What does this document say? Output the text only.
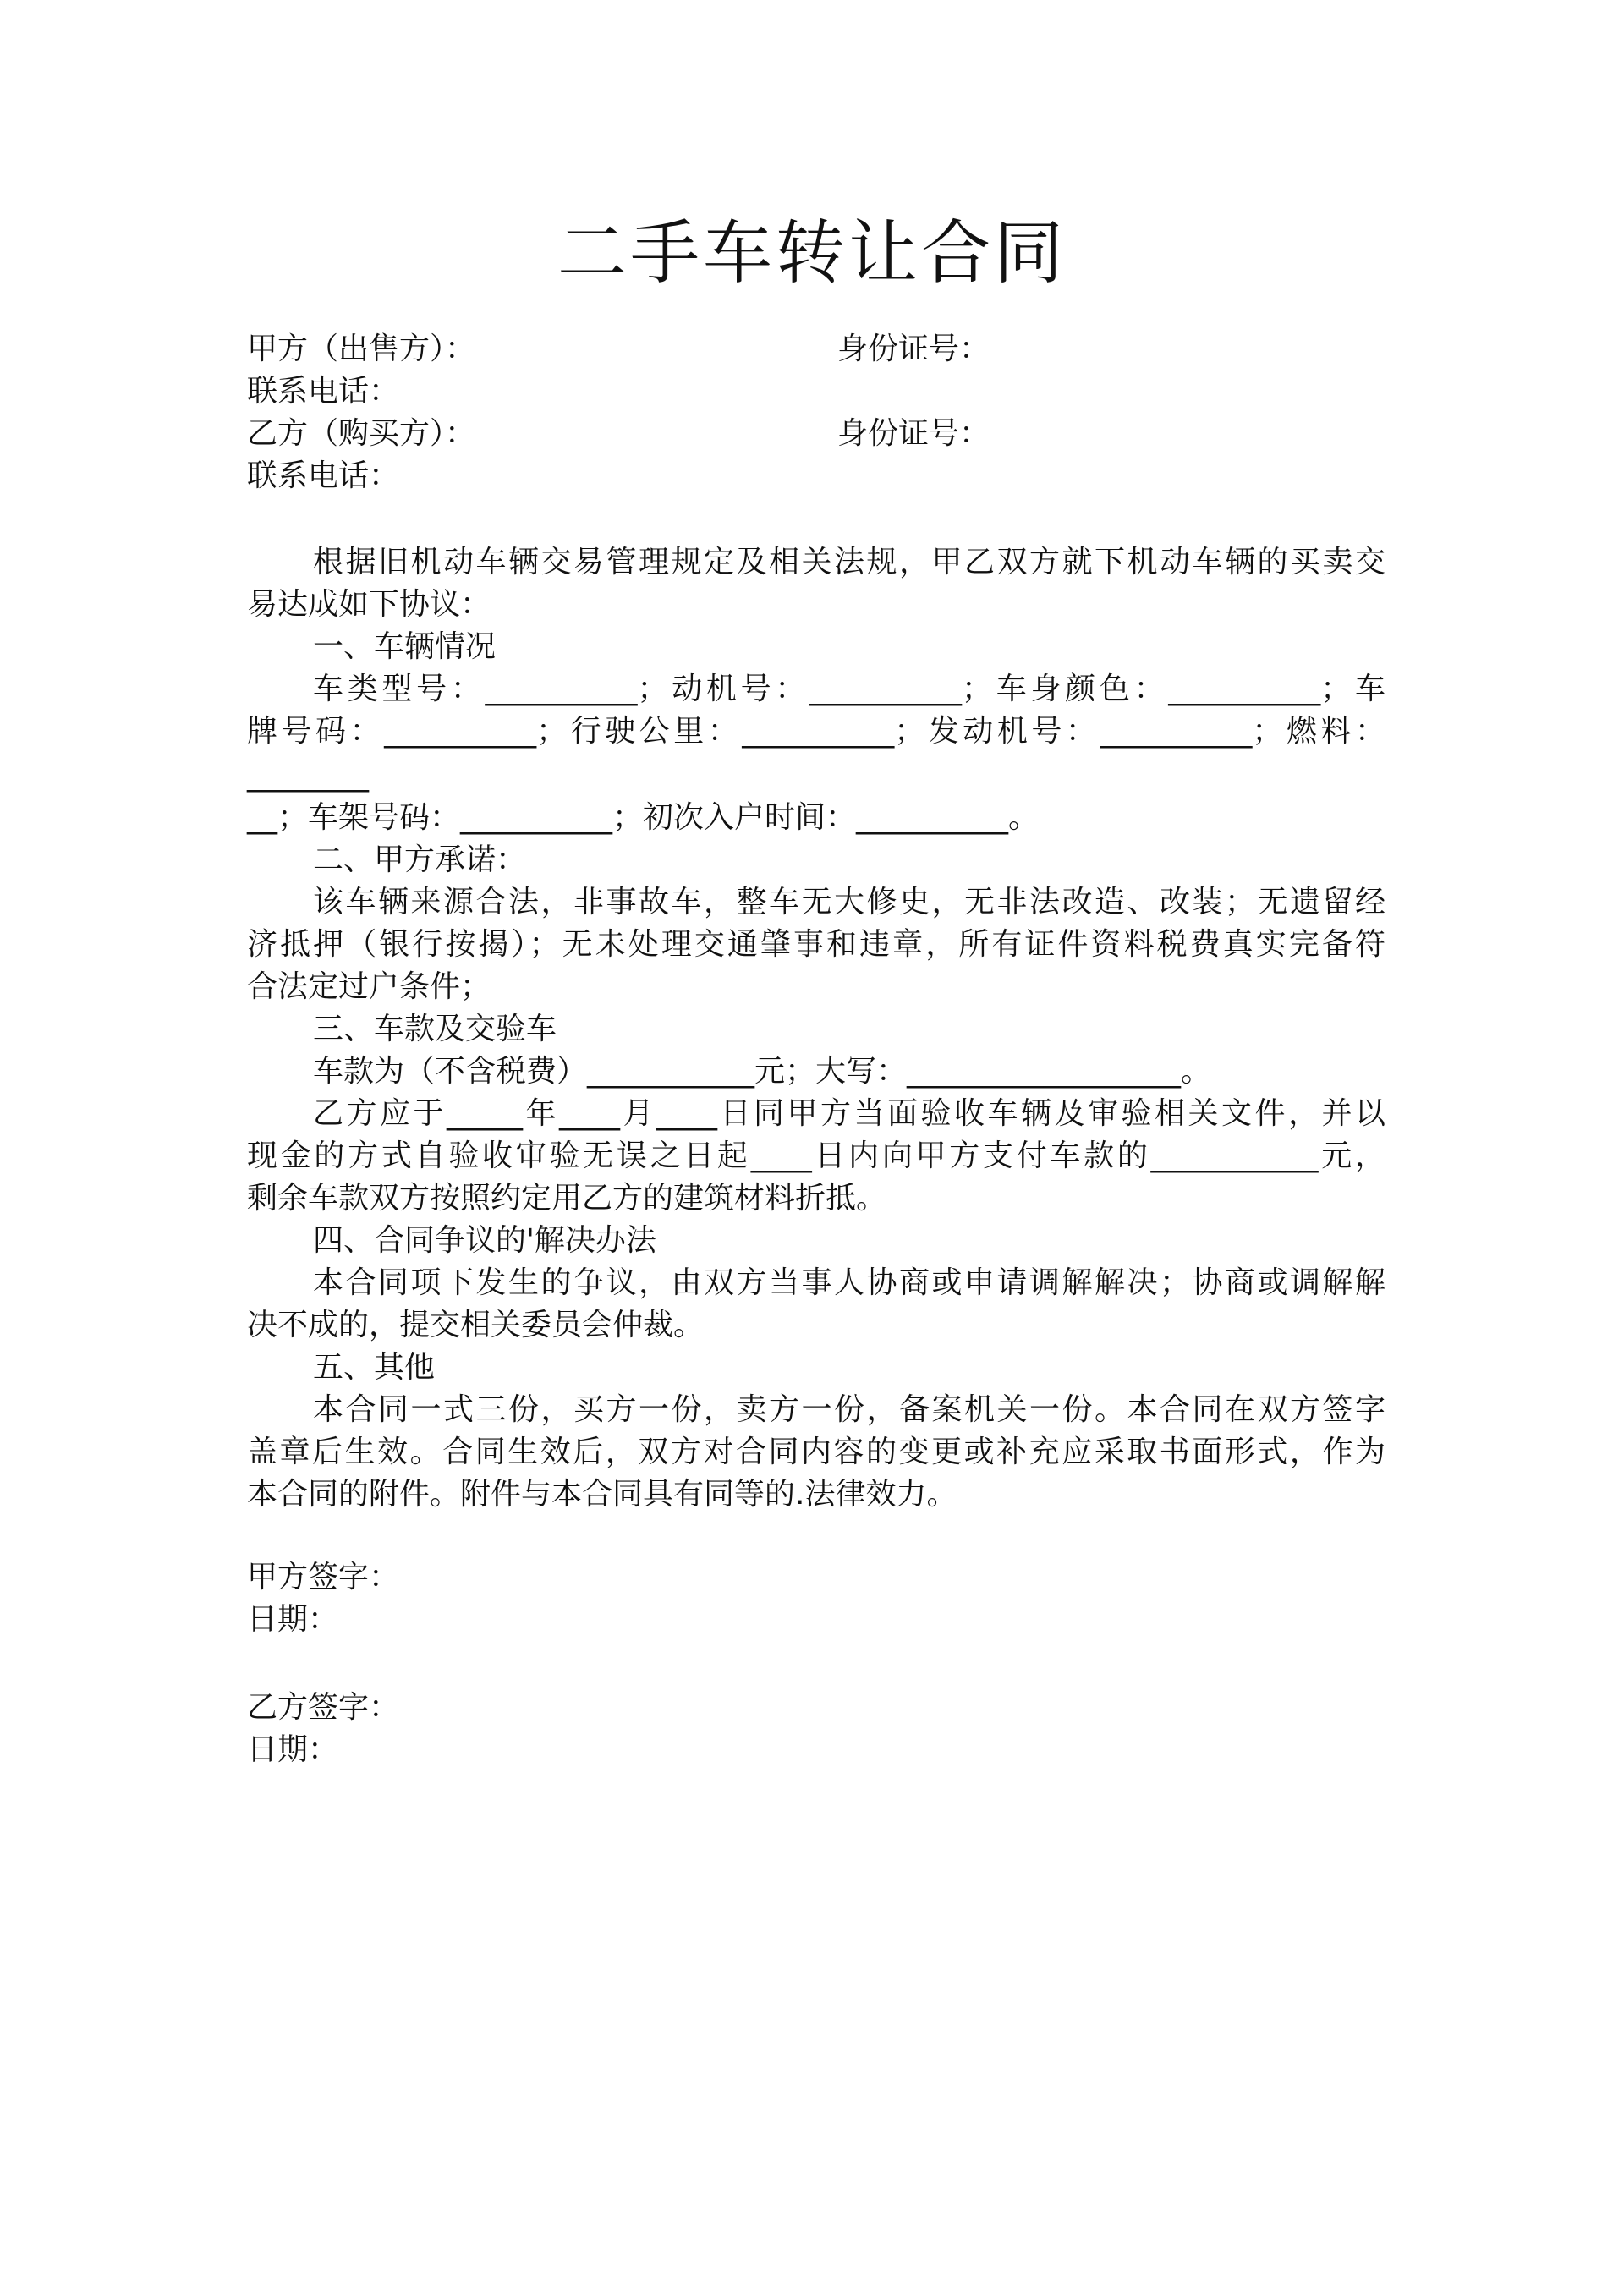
二手车转让合同
甲方（出售方）：	身份证号：
联系电话：
乙方（购买方）：	身份证号：
联系电话：
根据旧机动车辆交易管理规定及相关法规，甲乙双方就下机动车辆的买卖交
易达成如下协议：
一、车辆情况
车类型号：__________；动机号：__________；车身颜色：__________；车
牌号码：__________；行驶公里：__________；发动机号：__________；燃料：
________
__；车架号码：__________；初次入户时间：__________。
二、甲方承诺：
该车辆来源合法，非事故车，整车无大修史，无非法改造、改装；无遗留经
济抵押（银行按揭）；无未处理交通肇事和违章，所有证件资料税费真实完备符
合法定过户条件；
三、车款及交验车
车款为（不含税费）___________元；大写：__________________。
乙方应于_____年____月____日同甲方当面验收车辆及审验相关文件，并以
现金的方式自验收审验无误之日起____日内向甲方支付车款的___________元，
剩余车款双方按照约定用乙方的建筑材料折抵。
四、合同争议的'解决办法
本合同项下发生的争议，由双方当事人协商或申请调解解决；协商或调解解
决不成的，提交相关委员会仲裁。
五、其他
本合同一式三份，买方一份，卖方一份，备案机关一份。本合同在双方签字
盖章后生效。合同生效后，双方对合同内容的变更或补充应采取书面形式，作为
本合同的附件。附件与本合同具有同等的.法律效力。
甲方签字：
日期：
乙方签字：
日期：
